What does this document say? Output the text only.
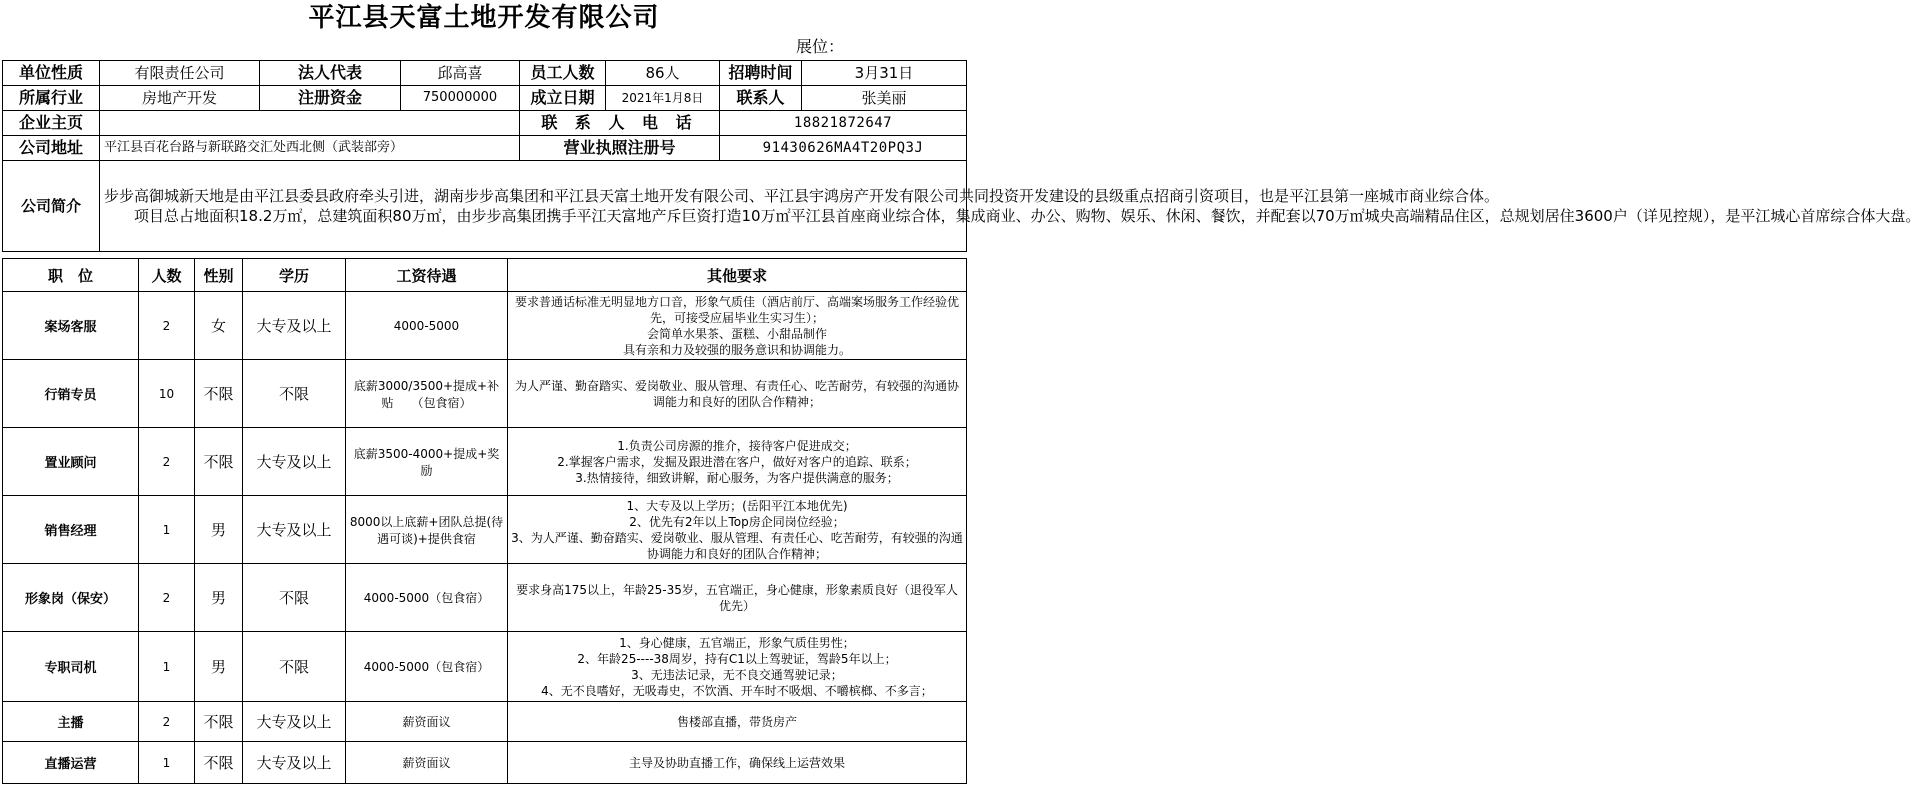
平江县天富土地开发有限公司
展位：
单位性质	有限责任公司	法人代表	邱高喜	员工人数	86人	招聘时间	3月31日
所属行业	房地产开发	注册资金	750000000	成立日期	2021年1月8日	联系人	张美丽
企业主页				联 系 人 电 话		18821872647	
公司地址	平江县百花台路与新联路交汇处西北侧（武装部旁）			营业执照注册号		91430626MA4T20PQ3J	
公司简介	步步高御城新天地是由平江县委县政府牵头引进，湖南步步高集团和平江县天富土地开发有限公司、平江县宇鸿房产开发有限公司共同投资开发建设的县级重点招商引资项目，也是平江县第一座城市商业综合体。

项目总占地面积18.2万㎡，总建筑面积80万㎡，由步步高集团携手平江天富地产斥巨资打造10万㎡平江县首座商业综合体，集成商业、办公、购物、娱乐、休闲、餐饮，并配套以70万㎡城央高端精品住区，总规划居住3600户（详见控规），是平江城心首席综合体大盘。						

职　位	人数	性别	学历	工资待遇	其他要求
案场客服	2	女	大专及以上	4000-5000	要求普通话标准无明显地方口音，形象气质佳（酒店前厅、高端案场服务工作经验优先，可接受应届毕业生实习生）；
会简单水果茶、蛋糕、小甜品制作
具有亲和力及较强的服务意识和协调能力。

行销专员	10	不限	不限	底薪3000/3500+提成+补贴　　（包食宿）	为人严谨、勤奋踏实、爱岗敬业、服从管理、有责任心、吃苦耐劳，有较强的沟通协调能力和良好的团队合作精神；

置业顾问	2	不限	大专及以上	底薪3500-4000+提成+奖励	1.负责公司房源的推介，接待客户促进成交；
2.掌握客户需求，发掘及跟进潜在客户，做好对客户的追踪、联系；
3.热情接待，细致讲解，耐心服务，为客户提供满意的服务；

销售经理	1	男	大专及以上	8000以上底薪+团队总提(待遇可谈)+提供食宿	1、大专及以上学历；(岳阳平江本地优先)
2、优先有2年以上Top房企同岗位经验；
3、为人严谨、勤奋踏实、爱岗敬业、服从管理、有责任心、吃苦耐劳，有较强的沟通协调能力和良好的团队合作精神；

形象岗（保安）	2	男	不限	4000-5000（包食宿）	要求身高175以上，年龄25-35岁，五官端正，身心健康，形象素质良好（退役军人优先）

专职司机	1	男	不限	4000-5000（包食宿）	1、身心健康，五官端正，形象气质佳男性；
2、年龄25----38周岁，持有C1以上驾驶证，驾龄5年以上；
3、无违法记录，无不良交通驾驶记录；
4、无不良嗜好，无吸毒史，不饮酒、开车时不吸烟、不嚼槟榔、不多言；

主播	2	不限	大专及以上	薪资面议	售楼部直播，带货房产

直播运营	1	不限	大专及以上	薪资面议	主导及协助直播工作，确保线上运营效果
